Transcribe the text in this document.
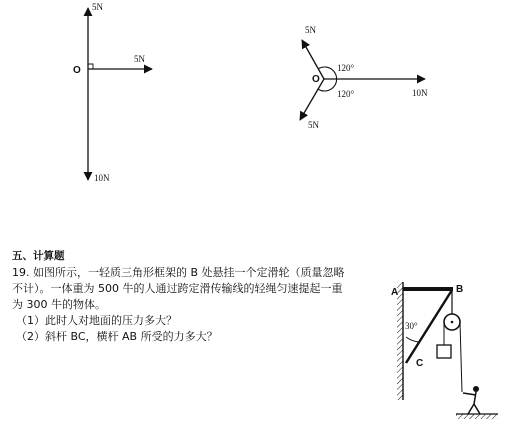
5N
5N
10N
O
5N
5N
10N
120°
120°
O
A	B
C
30°
五、计算题
19. 如图所示，一轻质三角形框架的 B 处悬挂一个定滑轮（质量忽略
不计）。一体重为 500 牛的人通过跨定滑传输线的轻绳匀速提起一重
为 300 牛的物体。
（1）此时人对地面的压力多大？
（2）斜杆 BC，横杆 AB 所受的力多大？
